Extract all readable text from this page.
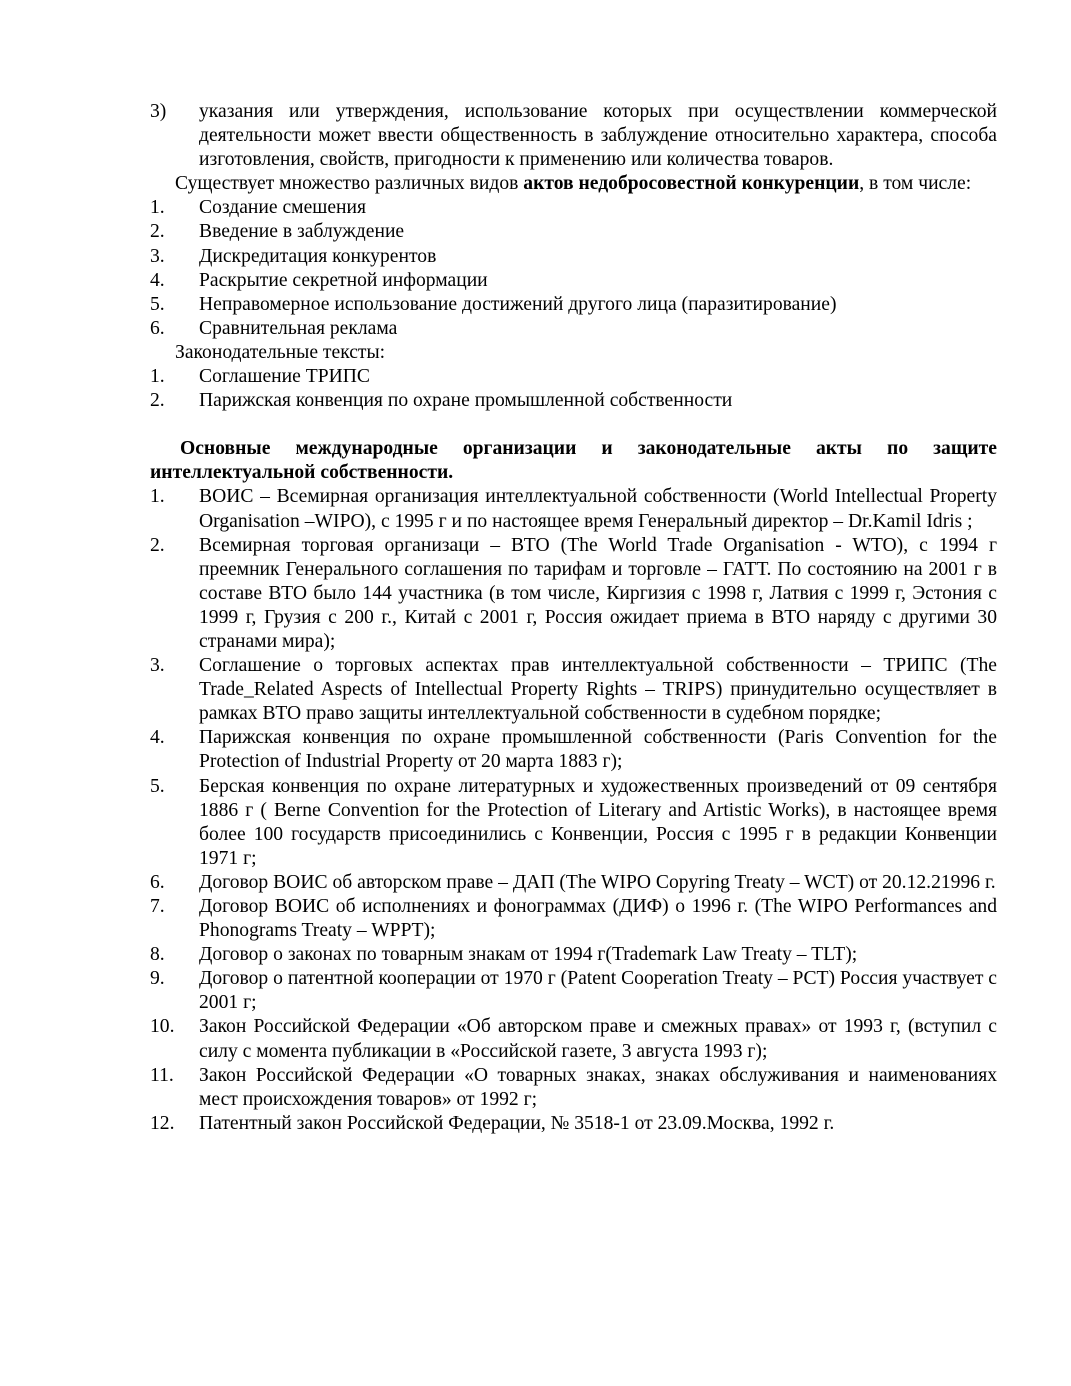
3)	указания или утверждения, использование которых при осуществлении коммерческой деятельности может ввести общественность в заблуждение относительно характера, способа изготовления, свойств, пригодности к применению или количества товаров.
Существует множество различных видов актов недобросовестной конкуренции, в том числе:
1.	Создание смешения
2.	Введение в заблуждение
3.	Дискредитация конкурентов
4.	Раскрытие секретной информации
5.	Неправомерное использование достижений другого лица (паразитирование)
6.	Сравнительная реклама
Законодательные тексты:
1.	Соглашение ТРИПС
2.	Парижская конвенция по охране промышленной собственности
Основные международные организации и законодательные акты по защите интеллектуальной собственности.
1.	ВОИС – Всемирная организация интеллектуальной собственности (World Intellectual Property Organisation –WIPO), с 1995 г и по настоящее время Генеральный директор – Dr.Kamil Idris ;
2.	Всемирная торговая организаци – ВТО (The World Trade Organisation - WTO), с 1994 г преемник Генерального соглашения по тарифам и торговле – ГАТТ. По состоянию на 2001 г в составе ВТО было 144 участника (в том числе, Киргизия с 1998 г, Латвия с 1999 г, Эстония с 1999 г, Грузия с 200 г., Китай с 2001 г, Россия ожидает приема в ВТО наряду с другими 30 странами мира);
3.	Соглашение о торговых аспектах прав интеллектуальной собственности – ТРИПС (The Trade_Related Aspects of Intellectual Property Rights – TRIPS) принудительно осуществляет в рамках ВТО право защиты интеллектуальной собственности в судебном порядке;
4.	Парижская конвенция по охране промышленной собственности (Paris Convention for the Protection of Industrial Property от 20 марта 1883 г);
5.	Берская конвенция по охране литературных и художественных произведений от 09 сентября 1886 г ( Berne Convention for the Protection of Literary and Artistic Works), в настоящее время более 100 государств присоединились с Конвенции, Россия с 1995 г в редакции Конвенции 1971 г;
6.	Договор ВОИС об авторском праве – ДАП (The WIPO Copyring Treaty – WCT) от 20.12.21996 г.
7.	Договор ВОИС об исполнениях и фонограммах (ДИФ) о 1996 г. (The WIPO Performances and Phonograms Treaty – WPPT);
8.	Договор о законах по товарным знакам от 1994 г(Trademark Law Treaty – TLT);
9.	Договор о патентной кооперации от 1970 г (Patent Cooperation Treaty – PCT) Россия участвует с 2001 г;
10.	Закон Российской Федерации «Об авторском праве и смежных правах» от 1993 г, (вступил с силу с момента публикации в «Российской газете, 3 августа 1993 г);
11.	Закон Российской Федерации «О товарных знаках, знаках обслуживания и наименованиях мест происхождения товаров» от 1992 г;
12.	Патентный закон Российской Федерации, № 3518-1 от 23.09.Москва, 1992 г.
